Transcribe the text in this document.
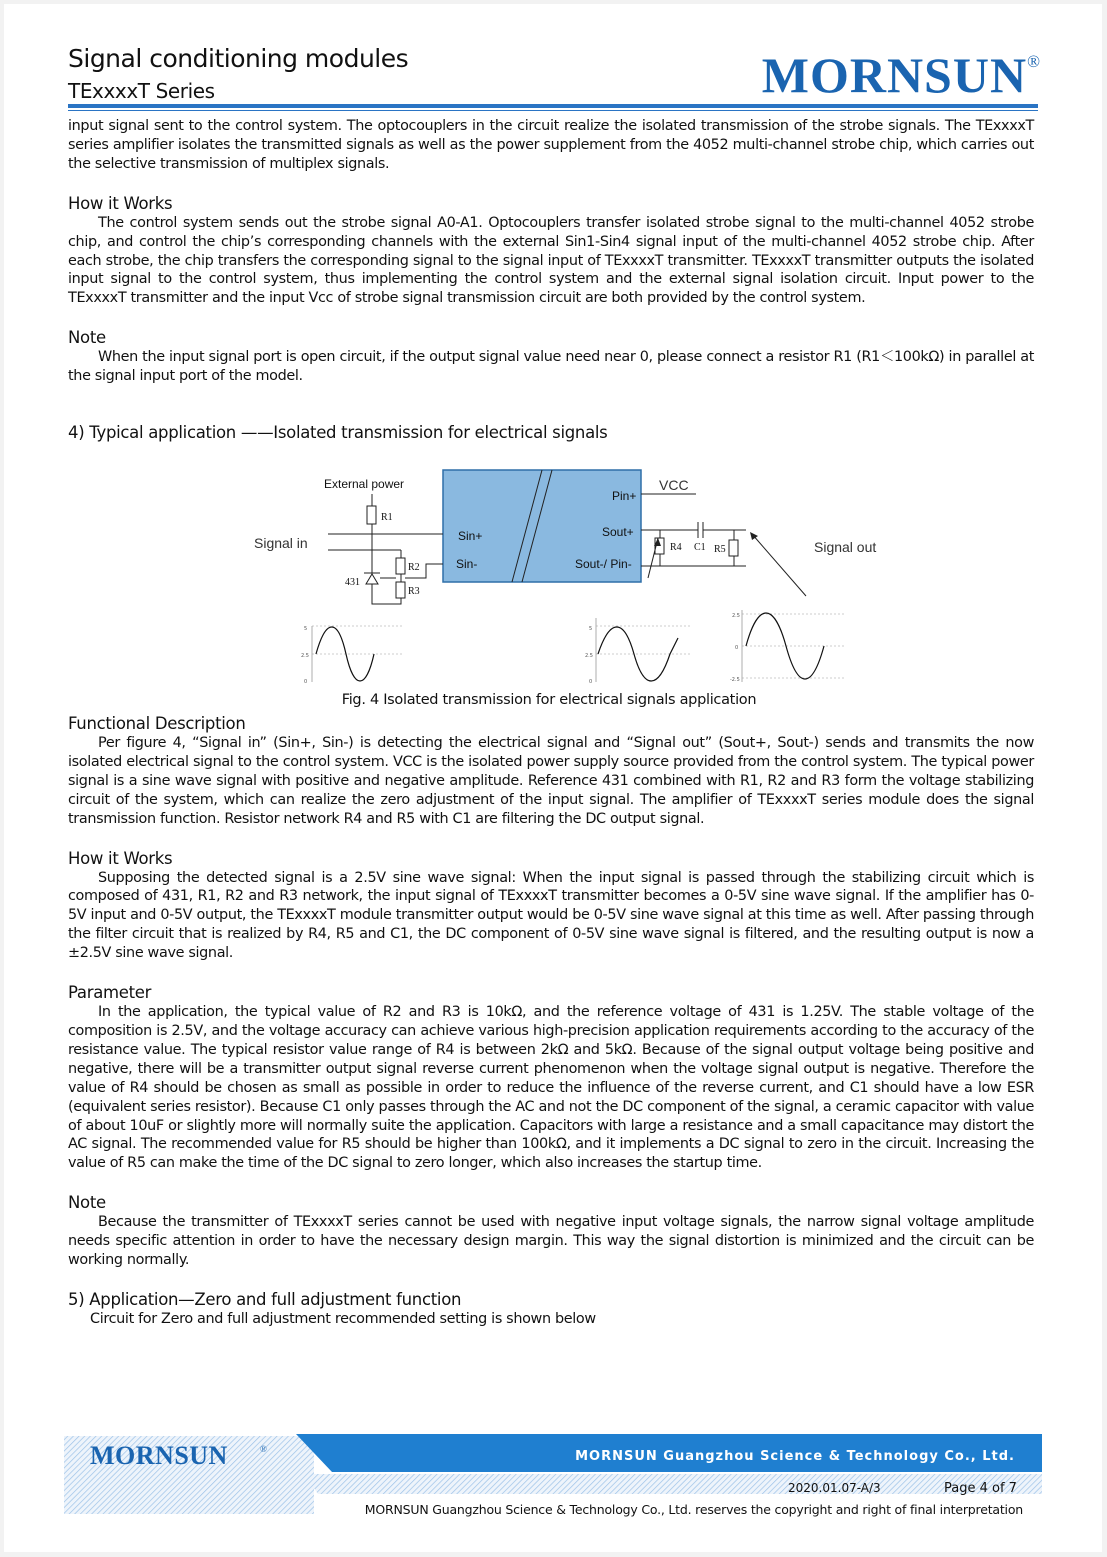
Signal conditioning modules
TExxxxT Series	MORNSUN®

input signal sent to the control system. The optocouplers in the circuit realize the isolated transmission of the strobe signals. The TExxxxT series amplifier isolates the transmitted signals as well as the power supplement from the 4052 multi-channel strobe chip, which carries out the selective transmission of multiplex signals.

How it Works

The control system sends out the strobe signal A0-A1. Optocouplers transfer isolated strobe signal to the multi-channel 4052 strobe chip, and control the chip’s corresponding channels with the external Sin1-Sin4 signal input of the multi-channel 4052 strobe chip. After each strobe, the chip transfers the corresponding signal to the signal input of TExxxxT transmitter. TExxxxT transmitter outputs the isolated input signal to the control system, thus implementing the control system and the external signal isolation circuit. Input power to the TExxxxT transmitter and the input Vcc of strobe signal transmission circuit are both provided by the control system.

Note

When the input signal port is open circuit, if the output signal value need near 0, please connect a resistor R1 (R1＜100kΩ) in parallel at the signal input port of the model.

4) Typical application ——Isolated transmission for electrical signals

Sin+
Sin-
Pin+
Sout+
Sout-/ Pin-
External power
Signal in
R1
R2
R3
431
VCC
C1
R4	R5	Signal out
5
2.5
0
5
2.5
0
2.5
0
-2.5
Fig. 4 Isolated transmission for electrical signals application

Functional Description

Per figure 4, “Signal in” (Sin+, Sin-) is detecting the electrical signal and “Signal out” (Sout+, Sout-) sends and transmits the now isolated electrical signal to the control system. VCC is the isolated power supply source provided from the control system. The typical power signal is a sine wave signal with positive and negative amplitude. Reference 431 combined with R1, R2 and R3 form the voltage stabilizing circuit of the system, which can realize the zero adjustment of the input signal. The amplifier of TExxxxT series module does the signal transmission function. Resistor network R4 and R5 with C1 are filtering the DC output signal.

How it Works

Supposing the detected signal is a 2.5V sine wave signal: When the input signal is passed through the stabilizing circuit which is composed of 431, R1, R2 and R3 network, the input signal of TExxxxT transmitter becomes a 0-5V sine wave signal. If the amplifier has 0-5V input and 0-5V output, the TExxxxT module transmitter output would be 0-5V sine wave signal at this time as well. After passing through the filter circuit that is realized by R4, R5 and C1, the DC component of 0-5V sine wave signal is filtered, and the resulting output is now a ±2.5V sine wave signal.

Parameter

In the application, the typical value of R2 and R3 is 10kΩ, and the reference voltage of 431 is 1.25V. The stable voltage of the composition is 2.5V, and the voltage accuracy can achieve various high-precision application requirements according to the accuracy of the resistance value. The typical resistor value range of R4 is between 2kΩ and 5kΩ. Because of the signal output voltage being positive and negative, there will be a transmitter output signal reverse current phenomenon when the voltage signal output is negative. Therefore the value of R4 should be chosen as small as possible in order to reduce the influence of the reverse current, and C1 should have a low ESR (equivalent series resistor). Because C1 only passes through the AC and not the DC component of the signal, a ceramic capacitor with value of about 10uF or slightly more will normally suite the application. Capacitors with large a resistance and a small capacitance may distort the AC signal. The recommended value for R5 should be higher than 100kΩ, and it implements a DC signal to zero in the circuit. Increasing the value of R5 can make the time of the DC signal to zero longer, which also increases the startup time.

Note

Because the transmitter of TExxxxT series cannot be used with negative input voltage signals, the narrow signal voltage amplitude needs specific attention in order to have the necessary design margin. This way the signal distortion is minimized and the circuit can be working normally.

5) Application—Zero and full adjustment function

Circuit for Zero and full adjustment recommended setting is shown below

MORNSUN	®	MORNSUN Guangzhou Science & Technology Co., Ltd.
2020.01.07-A/3	Page 4 of 7
MORNSUN Guangzhou Science & Technology Co., Ltd. reserves the copyright and right of final interpretation
